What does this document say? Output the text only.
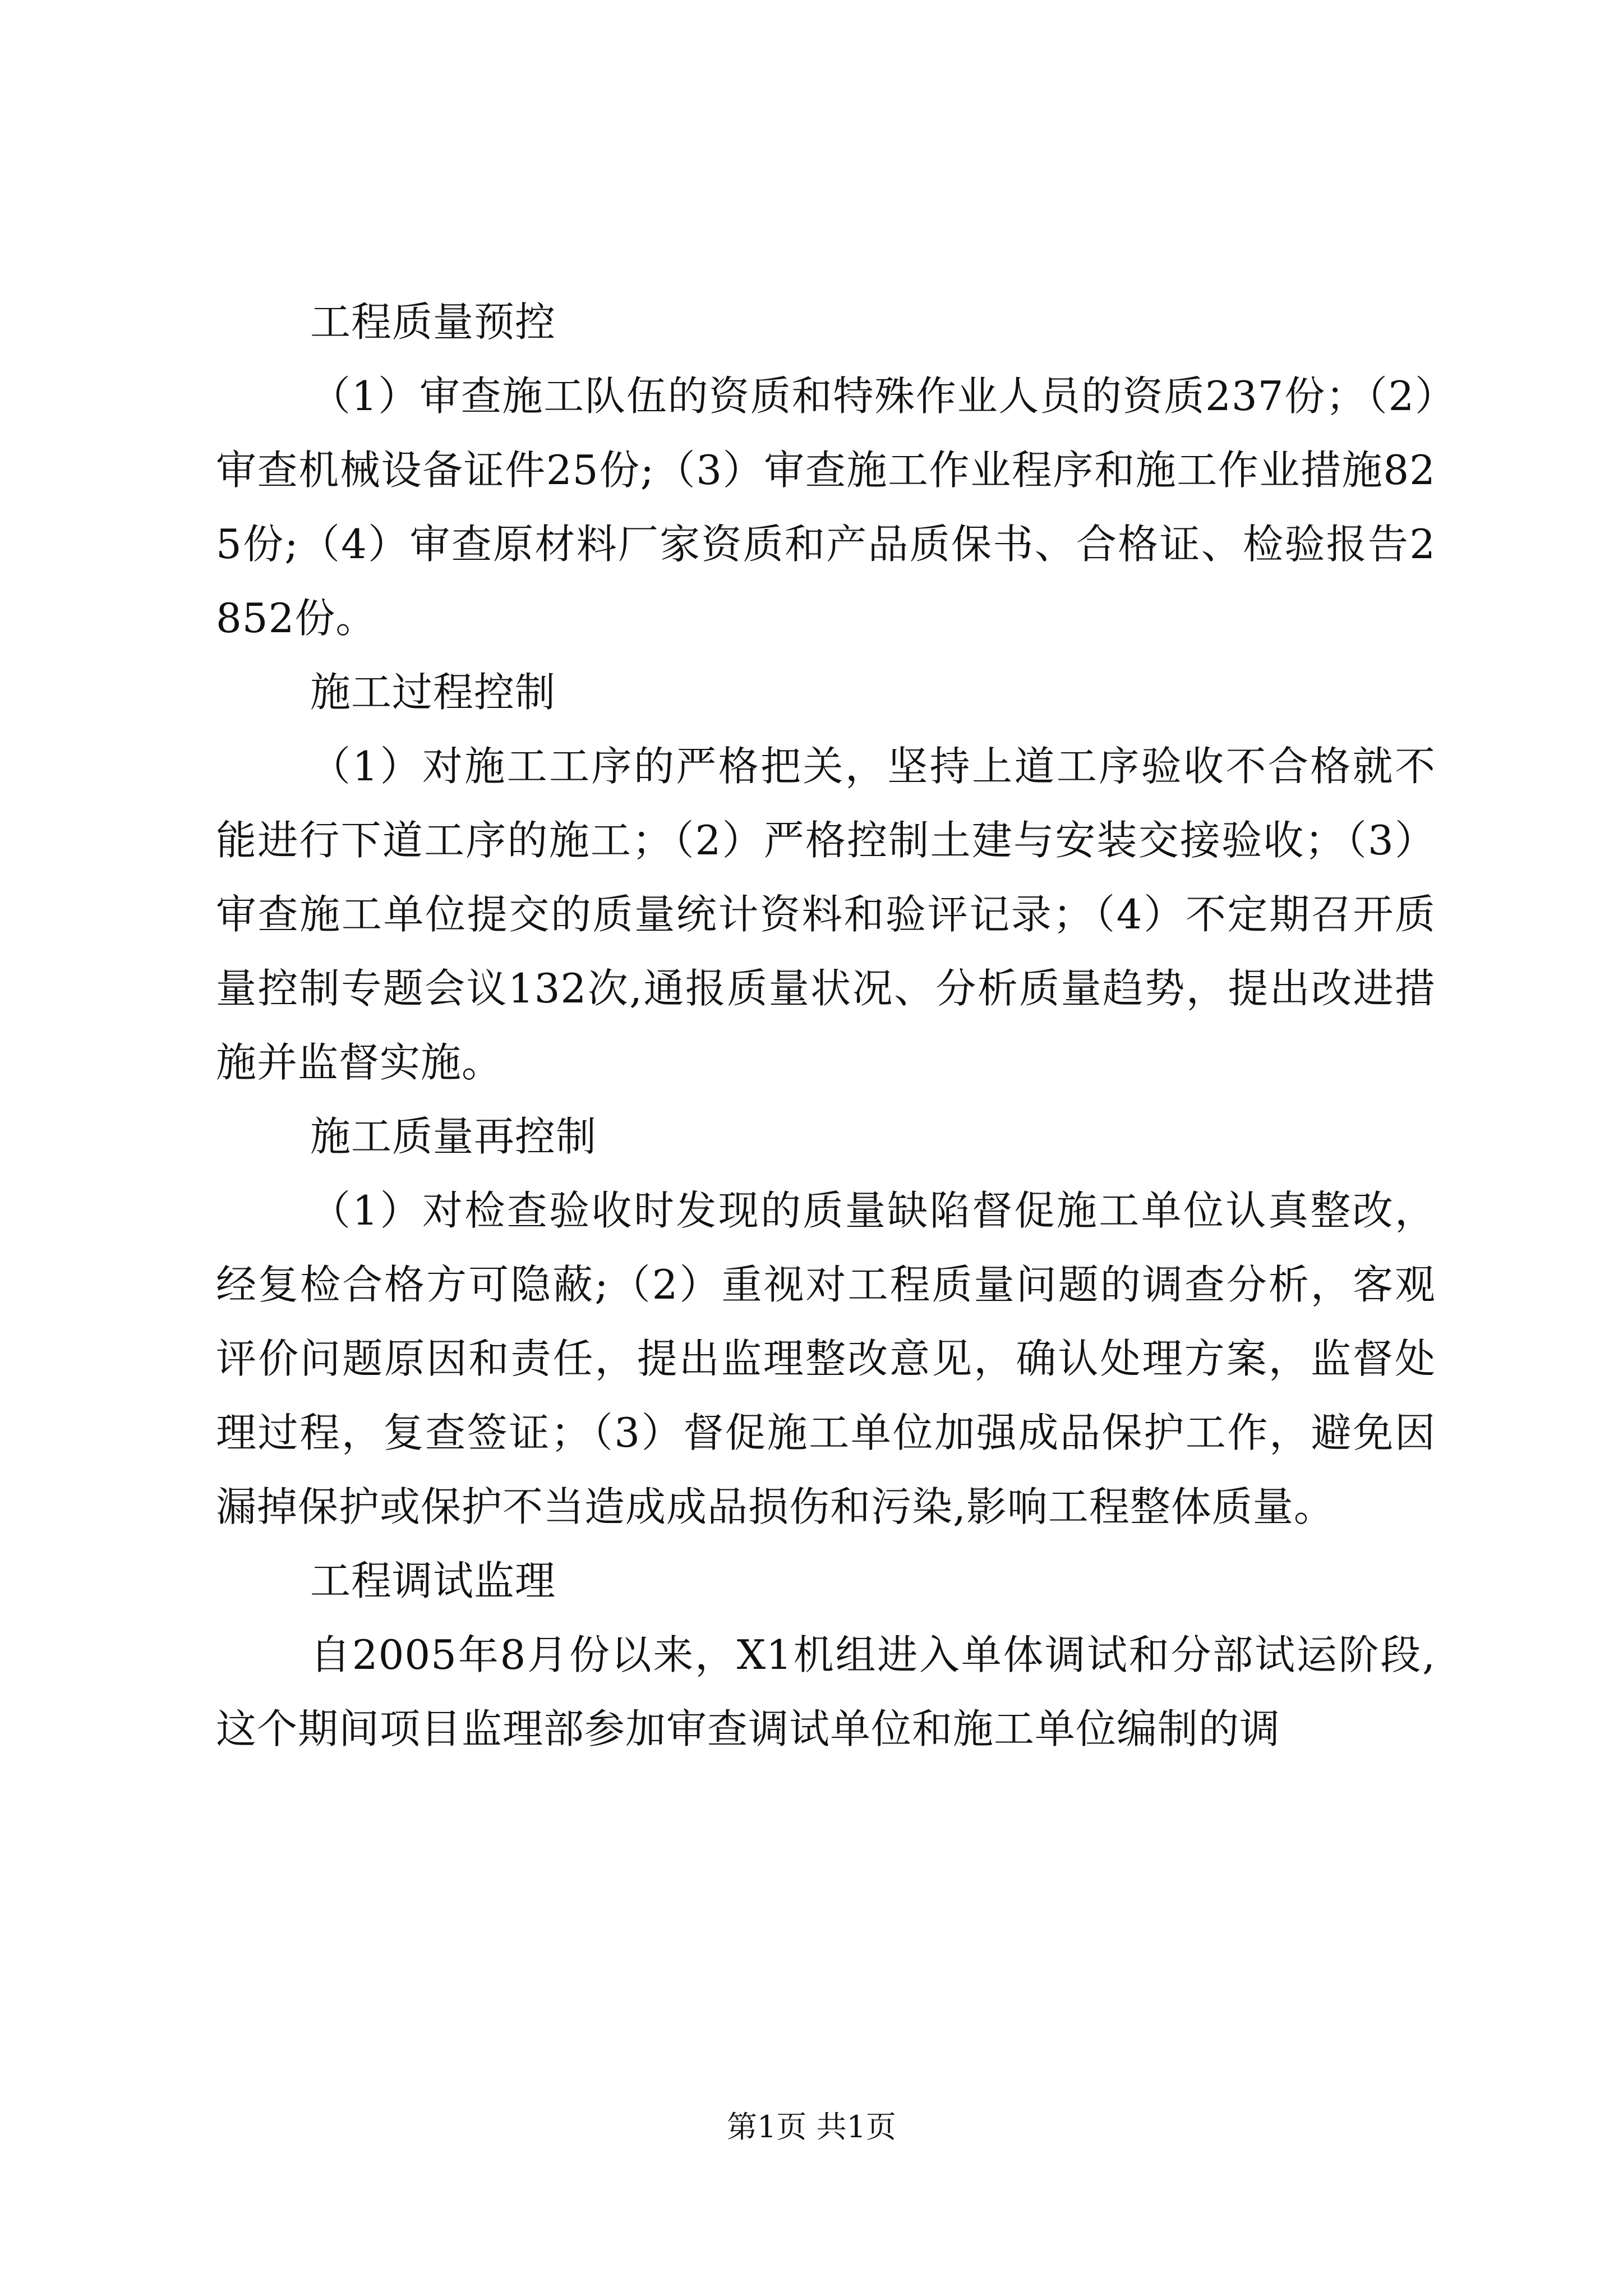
工程质量预控

（1）审查施工队伍的资质和特殊作业人员的资质237份；（2）审查机械设备证件25份;（3）审查施工作业程序和施工作业措施825份;（4）审查原材料厂家资质和产品质保书、合格证、检验报告2852份。

施工过程控制

（1）对施工工序的严格把关，坚持上道工序验收不合格就不能进行下道工序的施工；（2）严格控制土建与安装交接验收；（3）审查施工单位提交的质量统计资料和验评记录；（4）不定期召开质量控制专题会议132次,通报质量状况、分析质量趋势，提出改进措施并监督实施。

施工质量再控制

（1）对检查验收时发现的质量缺陷督促施工单位认真整改，经复检合格方可隐蔽;（2）重视对工程质量问题的调查分析，客观评价问题原因和责任，提出监理整改意见，确认处理方案，监督处理过程，复查签证；（3）督促施工单位加强成品保护工作，避免因漏掉保护或保护不当造成成品损伤和污染,影响工程整体质量。

工程调试监理

自2005年8月份以来，X1机组进入单体调试和分部试运阶段,这个期间项目监理部参加审查调试单位和施工单位编制的调

第1页 共1页
